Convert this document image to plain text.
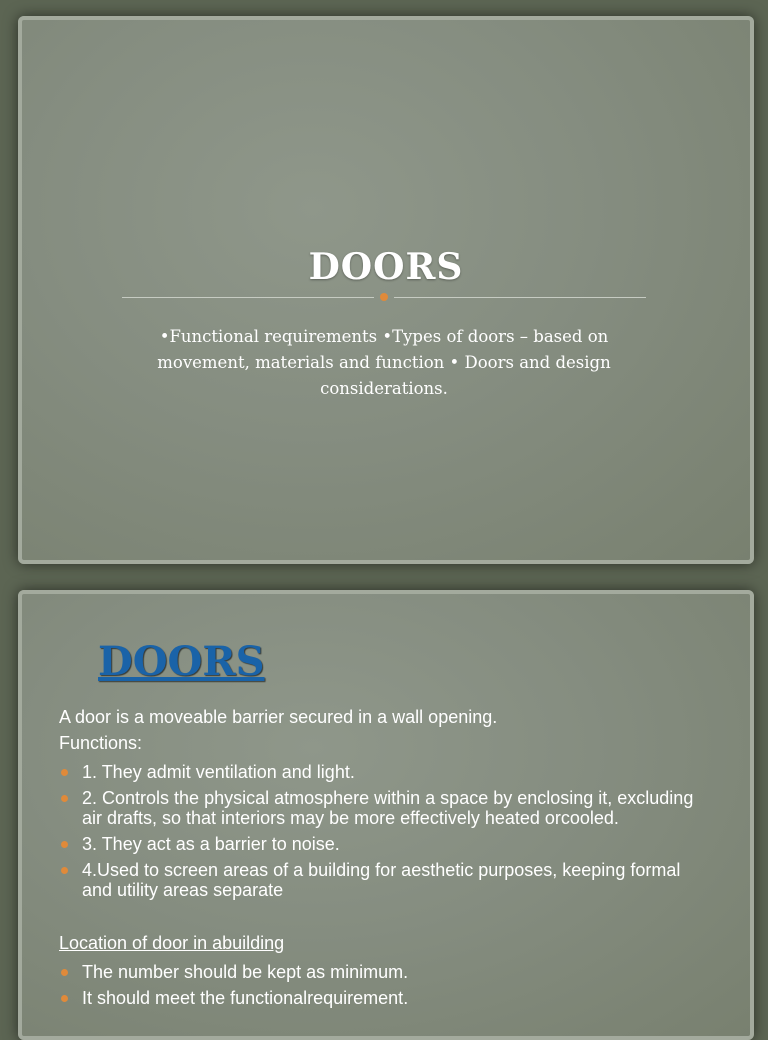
DOORS
•Functional requirements •Types of doors – based on movement, materials and function • Doors and design considerations.
DOORS

A door is a moveable barrier secured in a wall opening.

Functions:

1. They admit ventilation and light.
2. Controls the physical atmosphere within a space by enclosing it, excluding air drafts, so that interiors may be more effectively heated orcooled.
3. They act as a barrier to noise.
4.Used to screen areas of a building for aesthetic purposes, keeping formal and utility areas separate

Location of door in abuilding

The number should be kept as minimum.
It should meet the functionalrequirement.
